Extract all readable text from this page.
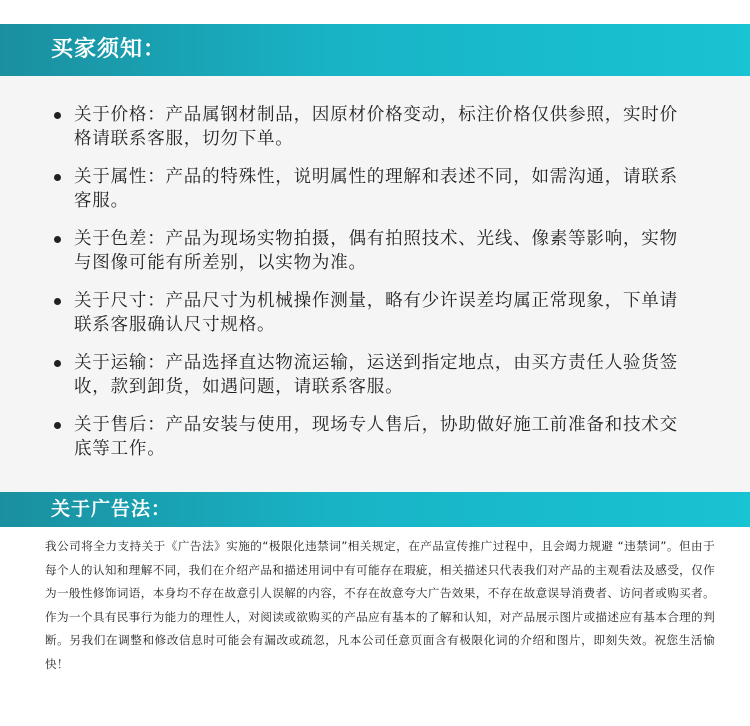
买家须知：
关于价格：产品属钢材制品，因原材价格变动，标注价格仅供参照，实时价格请联系客服，切勿下单。
关于属性：产品的特殊性，说明属性的理解和表述不同，如需沟通，请联系客服。
关于色差：产品为现场实物拍摄，偶有拍照技术、光线、像素等影响，实物与图像可能有所差别，以实物为准。
关于尺寸：产品尺寸为机械操作测量，略有少许误差均属正常现象，下单请联系客服确认尺寸规格。
关于运输：产品选择直达物流运输，运送到指定地点，由买方责任人验货签收，款到卸货，如遇问题，请联系客服。
关于售后：产品安装与使用，现场专人售后，协助做好施工前准备和技术交底等工作。
关于广告法：
我公司将全力支持关于《广告法》实施的“极限化违禁词”相关规定，在产品宣传推广过程中，且会竭力规避 “违禁词”。但由于每个人的认知和理解不同，我们在介绍产品和描述用词中有可能存在瑕疵，相关描述只代表我们对产品的主观看法及感受，仅作为一般性修饰词语，本身均不存在故意引人误解的内容，不存在故意夸大广告效果，不存在故意误导消费者、访问者或购买者。作为一个具有民事行为能力的理性人，对阅读或欲购买的产品应有基本的了解和认知，对产品展示图片或描述应有基本合理的判断。另我们在调整和修改信息时可能会有漏改或疏忽，凡本公司任意页面含有极限化词的介绍和图片，即刻失效。祝您生活愉快！
